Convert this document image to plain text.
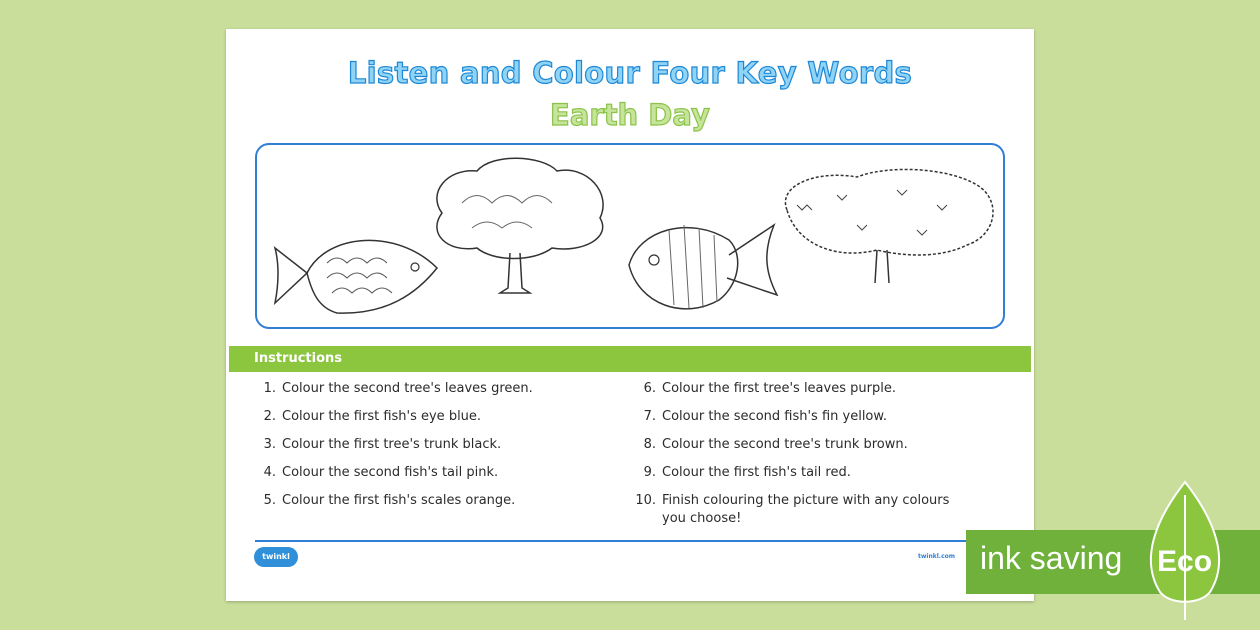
Listen and Colour Four Key Words
Earth Day
Instructions
1. Colour the second tree's leaves green.
2. Colour the first fish's eye blue.
3. Colour the first tree's trunk black.
4. Colour the second fish's tail pink.
5. Colour the first fish's scales orange.
6. Colour the first tree's leaves purple.
7. Colour the second fish's fin yellow.
8. Colour the second tree's trunk brown.
9. Colour the first fish's tail red.
10. Finish colouring the picture with any colours
you choose!
twinkl	twinkl.com ink saving Eco
